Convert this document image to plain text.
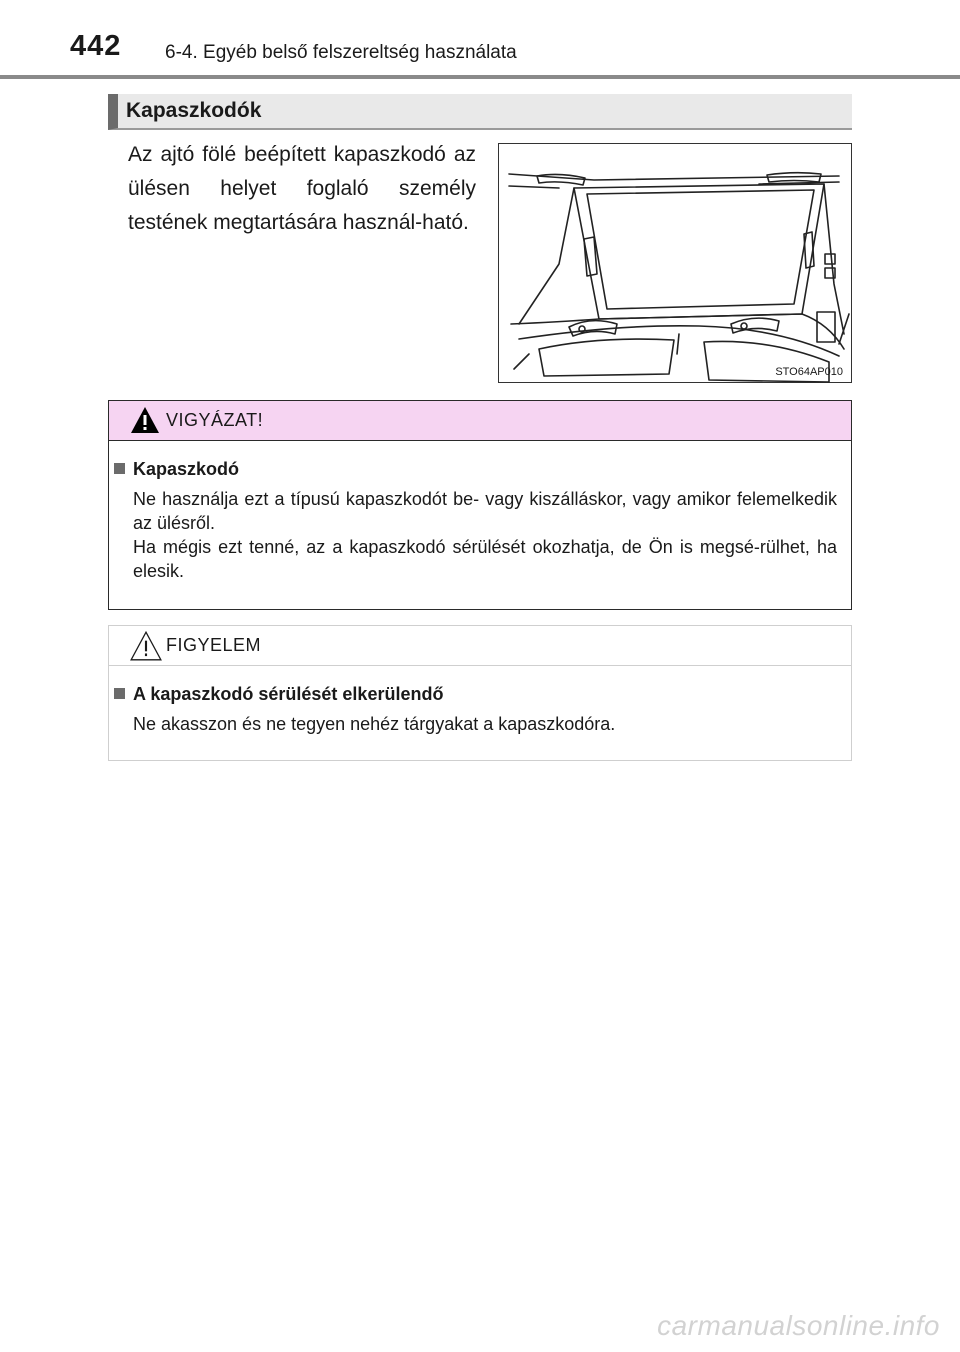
442 6-4. Egyéb belső felszereltség használata
Kapaszkodók
Az ajtó fölé beépített kapaszkodó az ülésen helyet foglaló személy testének megtartására használ-ható.
STO64AP010
VIGYÁZAT!
Kapaszkodó

Ne használja ezt a típusú kapaszkodót be- vagy kiszálláskor, vagy amikor felemelkedik az ülésről.

Ha mégis ezt tenné, az a kapaszkodó sérülését okozhatja, de Ön is megsé-rülhet, ha elesik.

FIGYELEM
A kapaszkodó sérülését elkerülendő
Ne akasszon és ne tegyen nehéz tárgyakat a kapaszkodóra.
carmanualsonline.info
